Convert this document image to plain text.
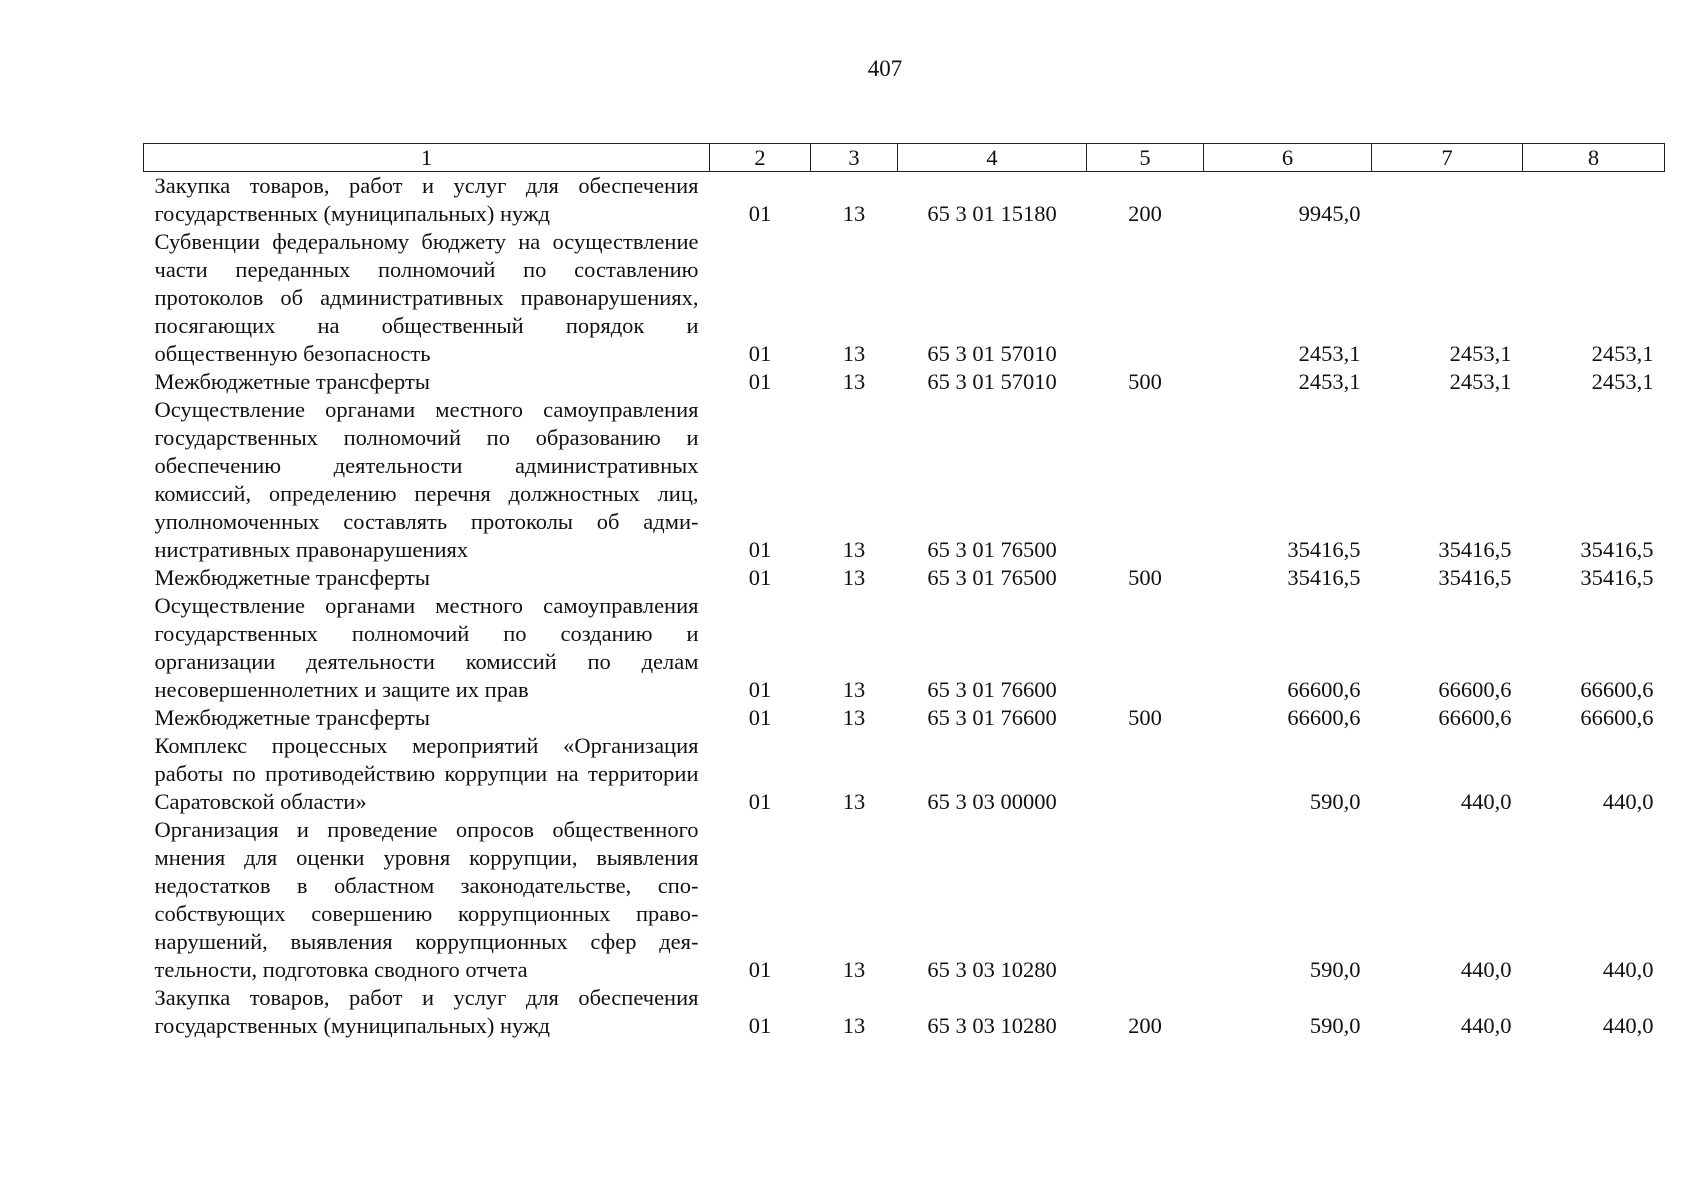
407
1	2	3	4	5	6	7	8
Закупка товаров, работ и услуг для обеспечения государственных (муниципальных) нужд	01	13	65 3 01 15180	200	9945,0		
Субвенции федеральному бюджету на осуществление части переданных полномочий по составлению протоколов об административных правонарушениях, посягающих на общественный порядок и общественную безопасность	01	13	65 3 01 57010		2453,1	2453,1	2453,1
Межбюджетные трансферты	01	13	65 3 01 57010	500	2453,1	2453,1	2453,1
Осуществление органами местного самоуправления государственных полномочий по образованию и обеспечению деятельности административных комиссий, определению перечня должностных лиц, уполномоченных составлять протоколы об административных правонарушениях	01	13	65 3 01 76500		35416,5	35416,5	35416,5
Межбюджетные трансферты	01	13	65 3 01 76500	500	35416,5	35416,5	35416,5
Осуществление органами местного самоуправления государственных полномочий по созданию и организации деятельности комиссий по делам несовершеннолетних и защите их прав	01	13	65 3 01 76600		66600,6	66600,6	66600,6
Межбюджетные трансферты	01	13	65 3 01 76600	500	66600,6	66600,6	66600,6
Комплекс процессных мероприятий «Организация работы по противодействию коррупции на территории Саратовской области»	01	13	65 3 03 00000		590,0	440,0	440,0
Организация и проведение опросов общественного мнения для оценки уровня коррупции, выявления недостатков в областном законодательстве, способствующих совершению коррупционных правонарушений, выявления коррупционных сфер деятельности, подготовка сводного отчета	01	13	65 3 03 10280		590,0	440,0	440,0
Закупка товаров, работ и услуг для обеспечения государственных (муниципальных) нужд	01	13	65 3 03 10280	200	590,0	440,0	440,0
